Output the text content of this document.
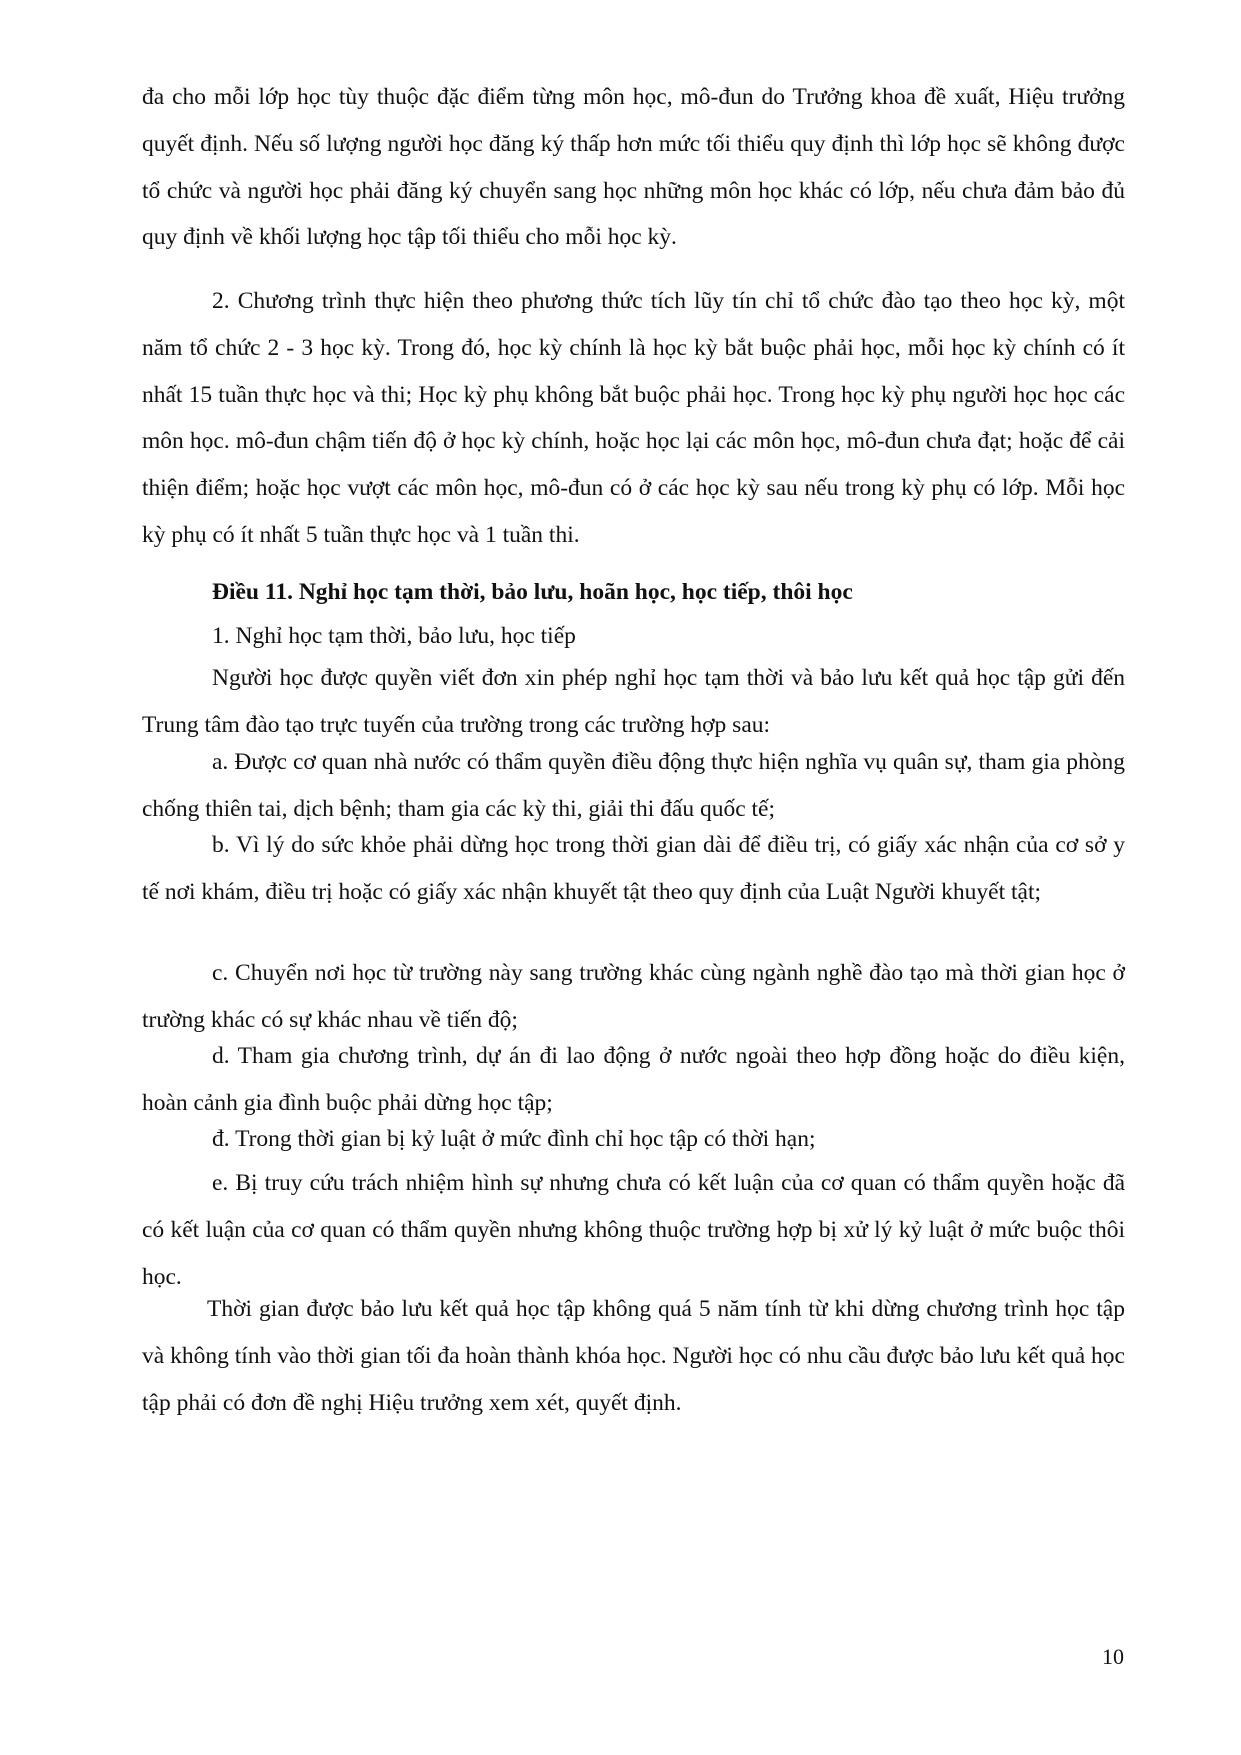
đa cho mỗi lớp học tùy thuộc đặc điểm từng môn học, mô-đun do Trưởng khoa đề xuất, Hiệu trưởng quyết định. Nếu số lượng người học đăng ký thấp hơn mức tối thiểu quy định thì lớp học sẽ không được tổ chức và người học phải đăng ký chuyển sang học những môn học khác có lớp, nếu chưa đảm bảo đủ quy định về khối lượng học tập tối thiểu cho mỗi học kỳ.

2. Chương trình thực hiện theo phương thức tích lũy tín chỉ tổ chức đào tạo theo học kỳ, một năm tổ chức 2 - 3 học kỳ. Trong đó, học kỳ chính là học kỳ bắt buộc phải học, mỗi học kỳ chính có ít nhất 15 tuần thực học và thi; Học kỳ phụ không bắt buộc phải học. Trong học kỳ phụ người học học các môn học. mô-đun chậm tiến độ ở học kỳ chính, hoặc học lại các môn học, mô-đun chưa đạt; hoặc để cải thiện điểm; hoặc học vượt các môn học, mô-đun có ở các học kỳ sau nếu trong kỳ phụ có lớp. Mỗi học kỳ phụ có ít nhất 5 tuần thực học và 1 tuần thi.

Điều 11. Nghỉ học tạm thời, bảo lưu, hoãn học, học tiếp, thôi học

1. Nghỉ học tạm thời, bảo lưu, học tiếp

Người học được quyền viết đơn xin phép nghỉ học tạm thời và bảo lưu kết quả học tập gửi đến Trung tâm đào tạo trực tuyến của trường trong các trường hợp sau:

a. Được cơ quan nhà nước có thẩm quyền điều động thực hiện nghĩa vụ quân sự, tham gia phòng chống thiên tai, dịch bệnh; tham gia các kỳ thi, giải thi đấu quốc tế;

b. Vì lý do sức khỏe phải dừng học trong thời gian dài để điều trị, có giấy xác nhận của cơ sở y tế nơi khám, điều trị hoặc có giấy xác nhận khuyết tật theo quy định của Luật Người khuyết tật;

c. Chuyển nơi học từ trường này sang trường khác cùng ngành nghề đào tạo mà thời gian học ở trường khác có sự khác nhau về tiến độ;

d. Tham gia chương trình, dự án đi lao động ở nước ngoài theo hợp đồng hoặc do điều kiện, hoàn cảnh gia đình buộc phải dừng học tập;

đ. Trong thời gian bị kỷ luật ở mức đình chỉ học tập có thời hạn;

e. Bị truy cứu trách nhiệm hình sự nhưng chưa có kết luận của cơ quan có thẩm quyền hoặc đã có kết luận của cơ quan có thẩm quyền nhưng không thuộc trường hợp bị xử lý kỷ luật ở mức buộc thôi học.

Thời gian được bảo lưu kết quả học tập không quá 5 năm tính từ khi dừng chương trình học tập và không tính vào thời gian tối đa hoàn thành khóa học. Người học có nhu cầu được bảo lưu kết quả học tập phải có đơn đề nghị Hiệu trưởng xem xét, quyết định.

10
